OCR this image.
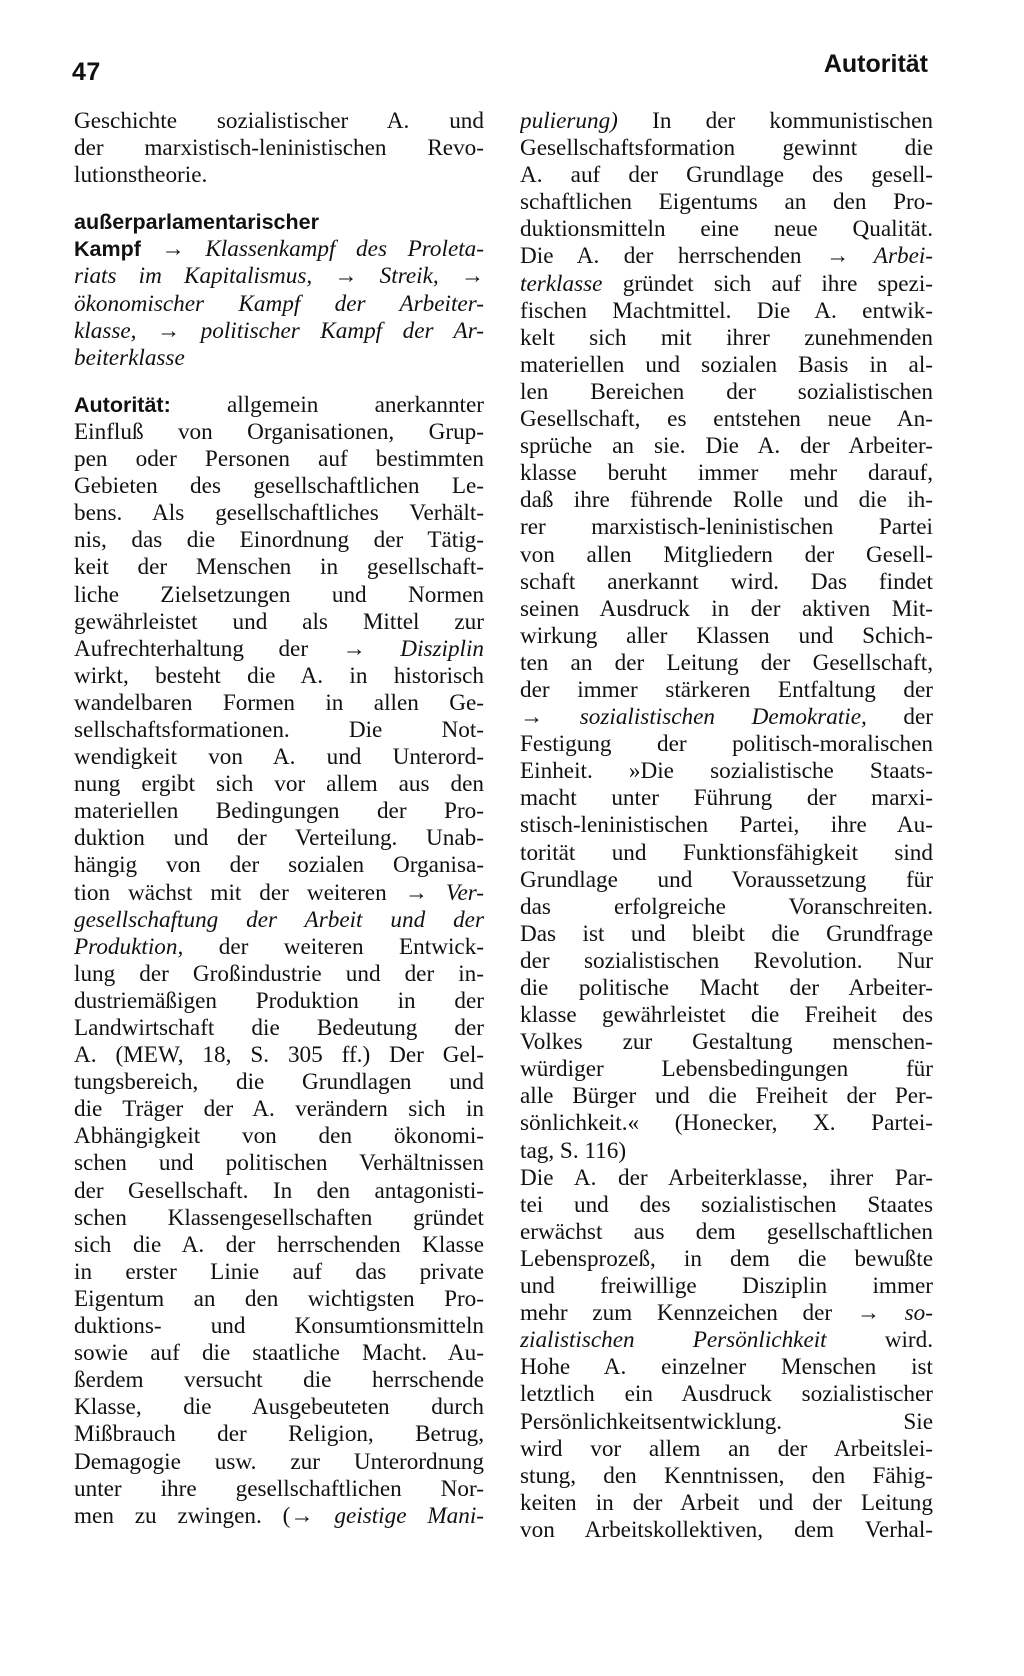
47	Autorität
Geschichte sozialistischer A. und
der marxistisch-leninistischen Revo-
lutionstheorie.
außerparlamentarischer
Kampf → Klassenkampf des Proleta-
riats im Kapitalismus, → Streik, →
ökonomischer Kampf der Arbeiter-
klasse, → politischer Kampf der Ar-
beiterklasse
Autorität: allgemein anerkannter
Einfluß von Organisationen, Grup-
pen oder Personen auf bestimmten
Gebieten des gesellschaftlichen Le-
bens. Als gesellschaftliches Verhält-
nis, das die Einordnung der Tätig-
keit der Menschen in gesellschaft-
liche Zielsetzungen und Normen
gewährleistet und als Mittel zur
Aufrechterhaltung der → Disziplin
wirkt, besteht die A. in historisch
wandelbaren Formen in allen Ge-
sellschaftsformationen. Die Not-
wendigkeit von A. und Unterord-
nung ergibt sich vor allem aus den
materiellen Bedingungen der Pro-
duktion und der Verteilung. Unab-
hängig von der sozialen Organisa-
tion wächst mit der weiteren → Ver-
gesellschaftung der Arbeit und der
Produktion, der weiteren Entwick-
lung der Großindustrie und der in-
dustriemäßigen Produktion in der
Landwirtschaft die Bedeutung der
A. (MEW, 18, S. 305 ff.) Der Gel-
tungsbereich, die Grundlagen und
die Träger der A. verändern sich in
Abhängigkeit von den ökonomi-
schen und politischen Verhältnissen
der Gesellschaft. In den antagonisti-
schen Klassengesellschaften gründet
sich die A. der herrschenden Klasse
in erster Linie auf das private
Eigentum an den wichtigsten Pro-
duktions- und Konsumtionsmitteln
sowie auf die staatliche Macht. Au-
ßerdem versucht die herrschende
Klasse, die Ausgebeuteten durch
Mißbrauch der Religion, Betrug,
Demagogie usw. zur Unterordnung
unter ihre gesellschaftlichen Nor-
men zu zwingen. (→ geistige Mani-
pulierung) In der kommunistischen
Gesellschaftsformation gewinnt die
A. auf der Grundlage des gesell-
schaftlichen Eigentums an den Pro-
duktionsmitteln eine neue Qualität.
Die A. der herrschenden → Arbei-
terklasse gründet sich auf ihre spezi-
fischen Machtmittel. Die A. entwik-
kelt sich mit ihrer zunehmenden
materiellen und sozialen Basis in al-
len Bereichen der sozialistischen
Gesellschaft, es entstehen neue An-
sprüche an sie. Die A. der Arbeiter-
klasse beruht immer mehr darauf,
daß ihre führende Rolle und die ih-
rer marxistisch-leninistischen Partei
von allen Mitgliedern der Gesell-
schaft anerkannt wird. Das findet
seinen Ausdruck in der aktiven Mit-
wirkung aller Klassen und Schich-
ten an der Leitung der Gesellschaft,
der immer stärkeren Entfaltung der
→ sozialistischen Demokratie, der
Festigung der politisch-moralischen
Einheit. »Die sozialistische Staats-
macht unter Führung der marxi-
stisch-leninistischen Partei, ihre Au-
torität und Funktionsfähigkeit sind
Grundlage und Voraussetzung für
das erfolgreiche Voranschreiten.
Das ist und bleibt die Grundfrage
der sozialistischen Revolution. Nur
die politische Macht der Arbeiter-
klasse gewährleistet die Freiheit des
Volkes zur Gestaltung menschen-
würdiger Lebensbedingungen für
alle Bürger und die Freiheit der Per-
sönlichkeit.« (Honecker, X. Partei-
tag, S. 116)
Die A. der Arbeiterklasse, ihrer Par-
tei und des sozialistischen Staates
erwächst aus dem gesellschaftlichen
Lebensprozeß, in dem die bewußte
und freiwillige Disziplin immer
mehr zum Kennzeichen der → so-
zialistischen Persönlichkeit	wird.
Hohe A. einzelner Menschen ist
letztlich ein Ausdruck sozialistischer
Persönlichkeitsentwicklung. Sie
wird vor allem an der Arbeitslei-
stung, den Kenntnissen, den Fähig-
keiten in der Arbeit und der Leitung
von Arbeitskollektiven, dem Verhal-
